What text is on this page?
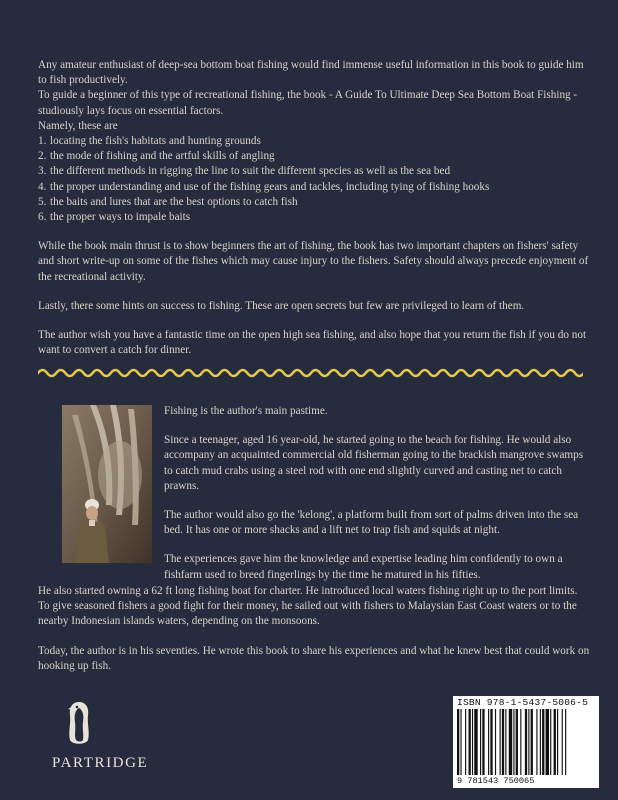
Any amateur enthusiast of deep-sea bottom boat fishing would find immense useful information in this book to guide him to fish productively.

To guide a beginner of this type of recreational fishing, the book - A Guide To Ultimate Deep Sea Bottom Boat Fishing - studiously lays focus on essential factors.

Namely, these are

1. locating the fish's habitats and hunting grounds
2. the mode of fishing and the artful skills of angling
3. the different methods in rigging the line to suit the different species as well as the sea bed
4. the proper understanding and use of the fishing gears and tackles, including tying of fishing hooks
5. the baits and lures that are the best options to catch fish
6. the proper ways to impale baits

While the book main thrust is to show beginners the art of fishing, the book has two important chapters on fishers' safety and short write-up on some of the fishes which may cause injury to the fishers. Safety should always precede enjoyment of the recreational activity.

Lastly, there some hints on success to fishing. These are open secrets but few are privileged to learn of them.

The author wish you have a fantastic time on the open high sea fishing, and also hope that you return the fish if you do not want to convert a catch for dinner.

Fishing is the author's main pastime.

Since a teenager, aged 16 year-old, he started going to the beach for fishing. He would also accompany an acquainted commercial old fisherman going to the brackish mangrove swamps to catch mud crabs using a steel rod with one end slightly curved and casting net to catch prawns.

The author would also go the 'kelong', a platform built from sort of palms driven into the sea bed. It has one or more shacks and a lift net to trap fish and squids at night.

The experiences gave him the knowledge and expertise leading him confidently to own a fishfarm used to breed fingerlings by the time he matured in his fifties.

He also started owning a 62 ft long fishing boat for charter. He introduced local waters fishing right up to the port limits. To give seasoned fishers a good fight for their money, he sailed out with fishers to Malaysian East Coast waters or to the nearby Indonesian islands waters, depending on the monsoons.

Today, the author is in his seventies. He wrote this book to share his experiences and what he knew best that could work on hooking up fish.

PARTRIDGE
ISBN 978-1-5437-5006-5
9 781543 750065
